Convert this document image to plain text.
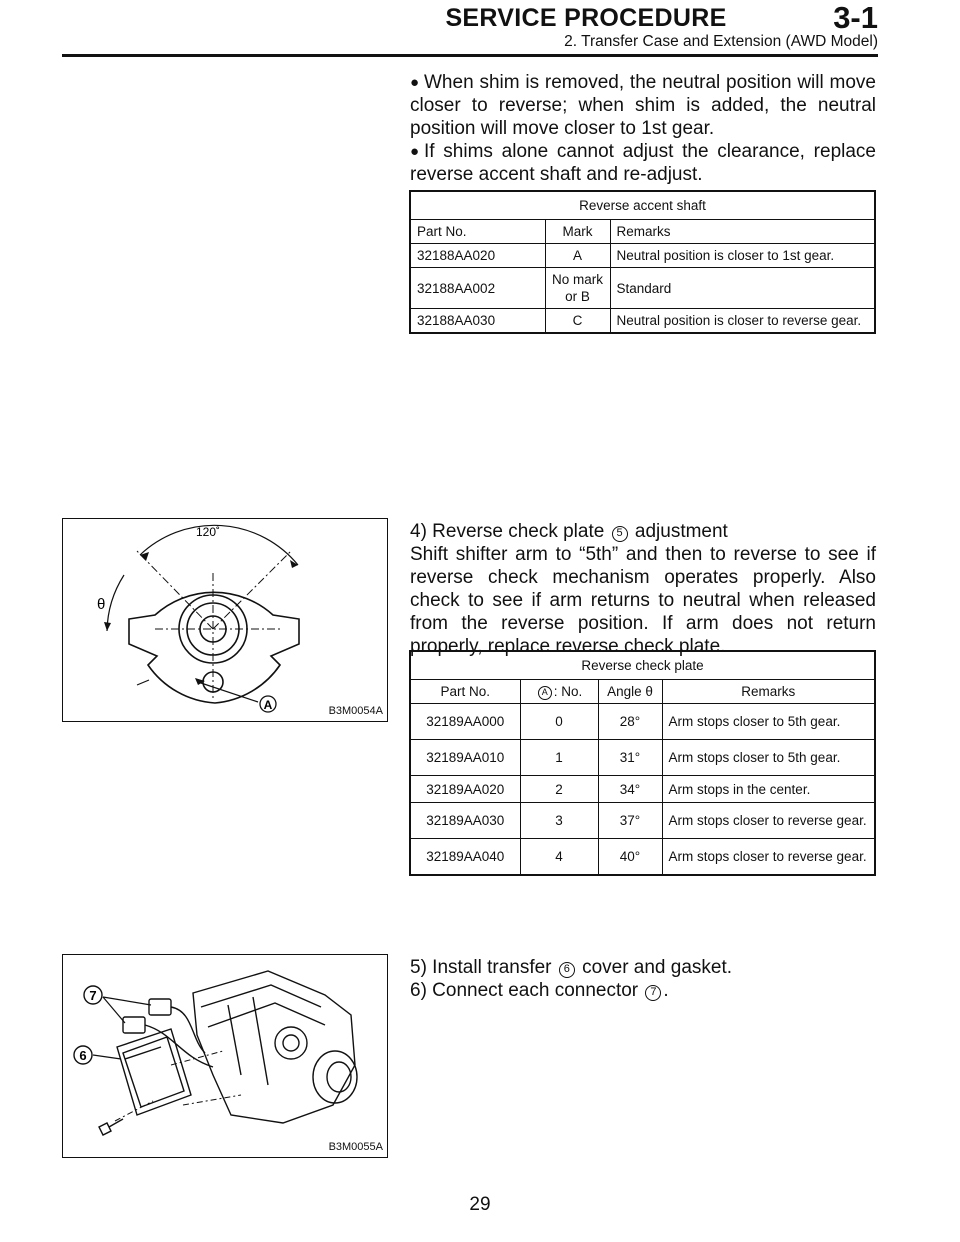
SERVICE PROCEDURE	3-1
2. Transfer Case and Extension (AWD Model)

● When shim is removed, the neutral position will move closer to reverse; when shim is added, the neutral position will move closer to 1st gear.

● If shims alone cannot adjust the clearance, replace reverse accent shaft and re-adjust.

Reverse accent shaft		
Part No.	Mark	Remarks
32188AA020	A	Neutral position is closer to 1st gear.
32188AA002	No mark or B	Standard
32188AA030	C	Neutral position is closer to reverse gear.
120˚
θ
A	B3M0054A

4) Reverse check plate 5 adjustment

Shift shifter arm to “5th” and then to reverse to see if reverse check mechanism operates properly. Also check to see if arm returns to neutral when released from the reverse position. If arm does not return properly, replace reverse check plate.

Reverse check plate			
Part No.	A : No.	Angle θ	Remarks
32189AA000	0	28°	Arm stops closer to 5th gear.
32189AA010	1	31°	Arm stops closer to 5th gear.
32189AA020	2	34°	Arm stops in the center.
32189AA030	3	37°	Arm stops closer to reverse gear.
32189AA040	4	40°	Arm stops closer to reverse gear.
7
6
B3M0055A

5) Install transfer 6 cover and gasket.

6) Connect each connector 7 .

29
